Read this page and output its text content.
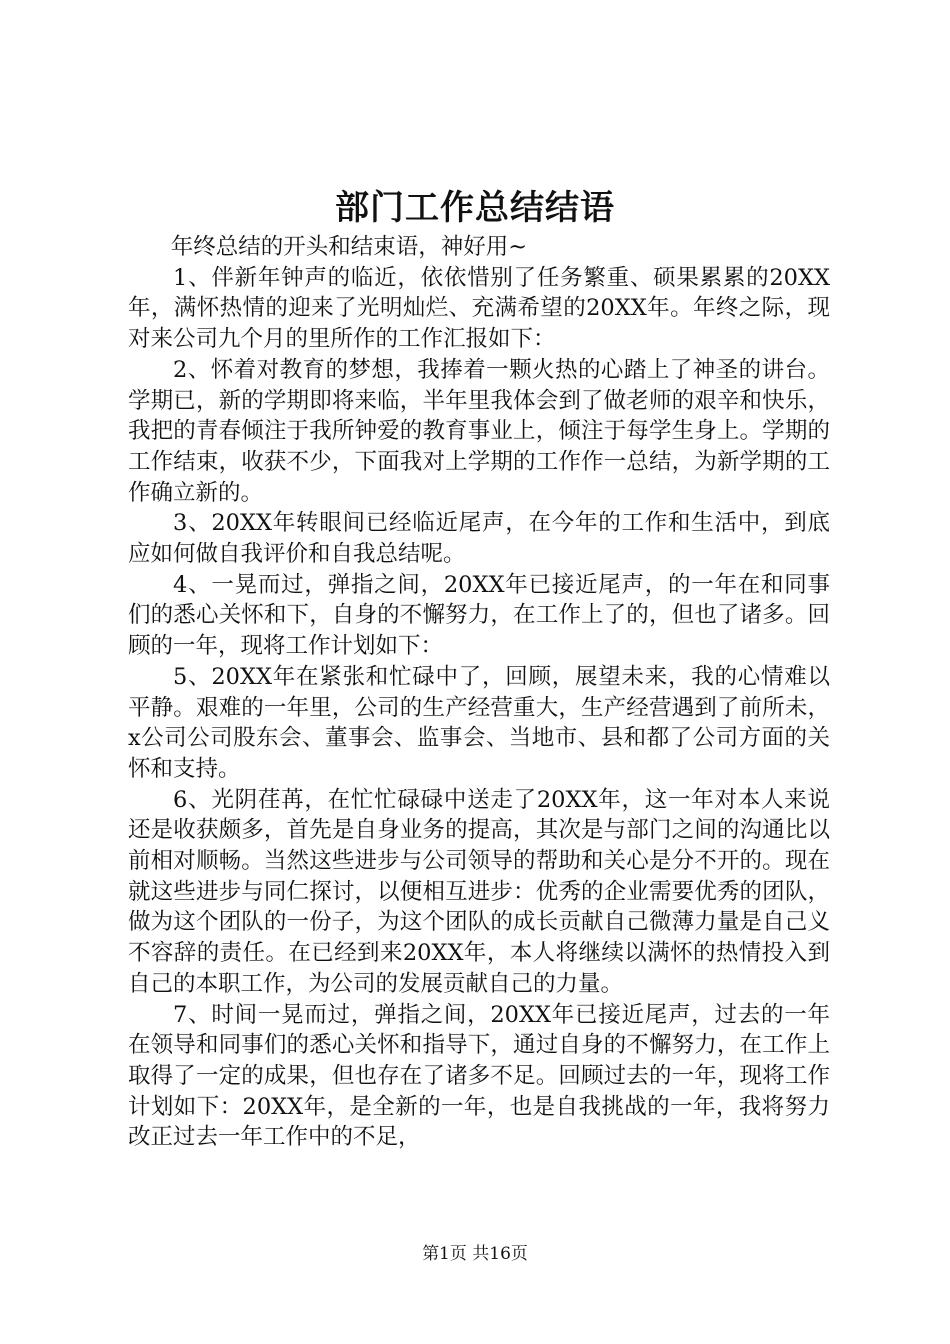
部门工作总结结语

年终总结的开头和结束语，神好用~

1、伴新年钟声的临近，依依惜别了任务繁重、硕果累累的20XX年，满怀热情的迎来了光明灿烂、充满希望的20XX年。年终之际，现对来公司九个月的里所作的工作汇报如下：

2、怀着对教育的梦想，我捧着一颗火热的心踏上了神圣的讲台。学期已，新的学期即将来临，半年里我体会到了做老师的艰辛和快乐，我把的青春倾注于我所钟爱的教育事业上，倾注于每学生身上。学期的工作结束，收获不少，下面我对上学期的工作作一总结，为新学期的工作确立新的。

3、20XX年转眼间已经临近尾声，在今年的工作和生活中，到底应如何做自我评价和自我总结呢。

4、一晃而过，弹指之间，20XX年已接近尾声，的一年在和同事们的悉心关怀和下，自身的不懈努力，在工作上了的，但也了诸多。回顾的一年，现将工作计划如下：

5、20XX年在紧张和忙碌中了，回顾，展望未来，我的心情难以平静。艰难的一年里，公司的生产经营重大，生产经营遇到了前所未，x公司公司股东会、董事会、监事会、当地市、县和都了公司方面的关怀和支持。

6、光阴荏苒，在忙忙碌碌中送走了20XX年，这一年对本人来说还是收获颇多，首先是自身业务的提高，其次是与部门之间的沟通比以前相对顺畅。当然这些进步与公司领导的帮助和关心是分不开的。现在就这些进步与同仁探讨，以便相互进步：优秀的企业需要优秀的团队，做为这个团队的一份子，为这个团队的成长贡献自己微薄力量是自己义不容辞的责任。在已经到来20XX年，本人将继续以满怀的热情投入到自己的本职工作，为公司的发展贡献自己的力量。

7、时间一晃而过，弹指之间，20XX年已接近尾声，过去的一年在领导和同事们的悉心关怀和指导下，通过自身的不懈努力，在工作上取得了一定的成果，但也存在了诸多不足。回顾过去的一年，现将工作计划如下：20XX年，是全新的一年，也是自我挑战的一年，我将努力改正过去一年工作中的不足，

第1页 共16页
